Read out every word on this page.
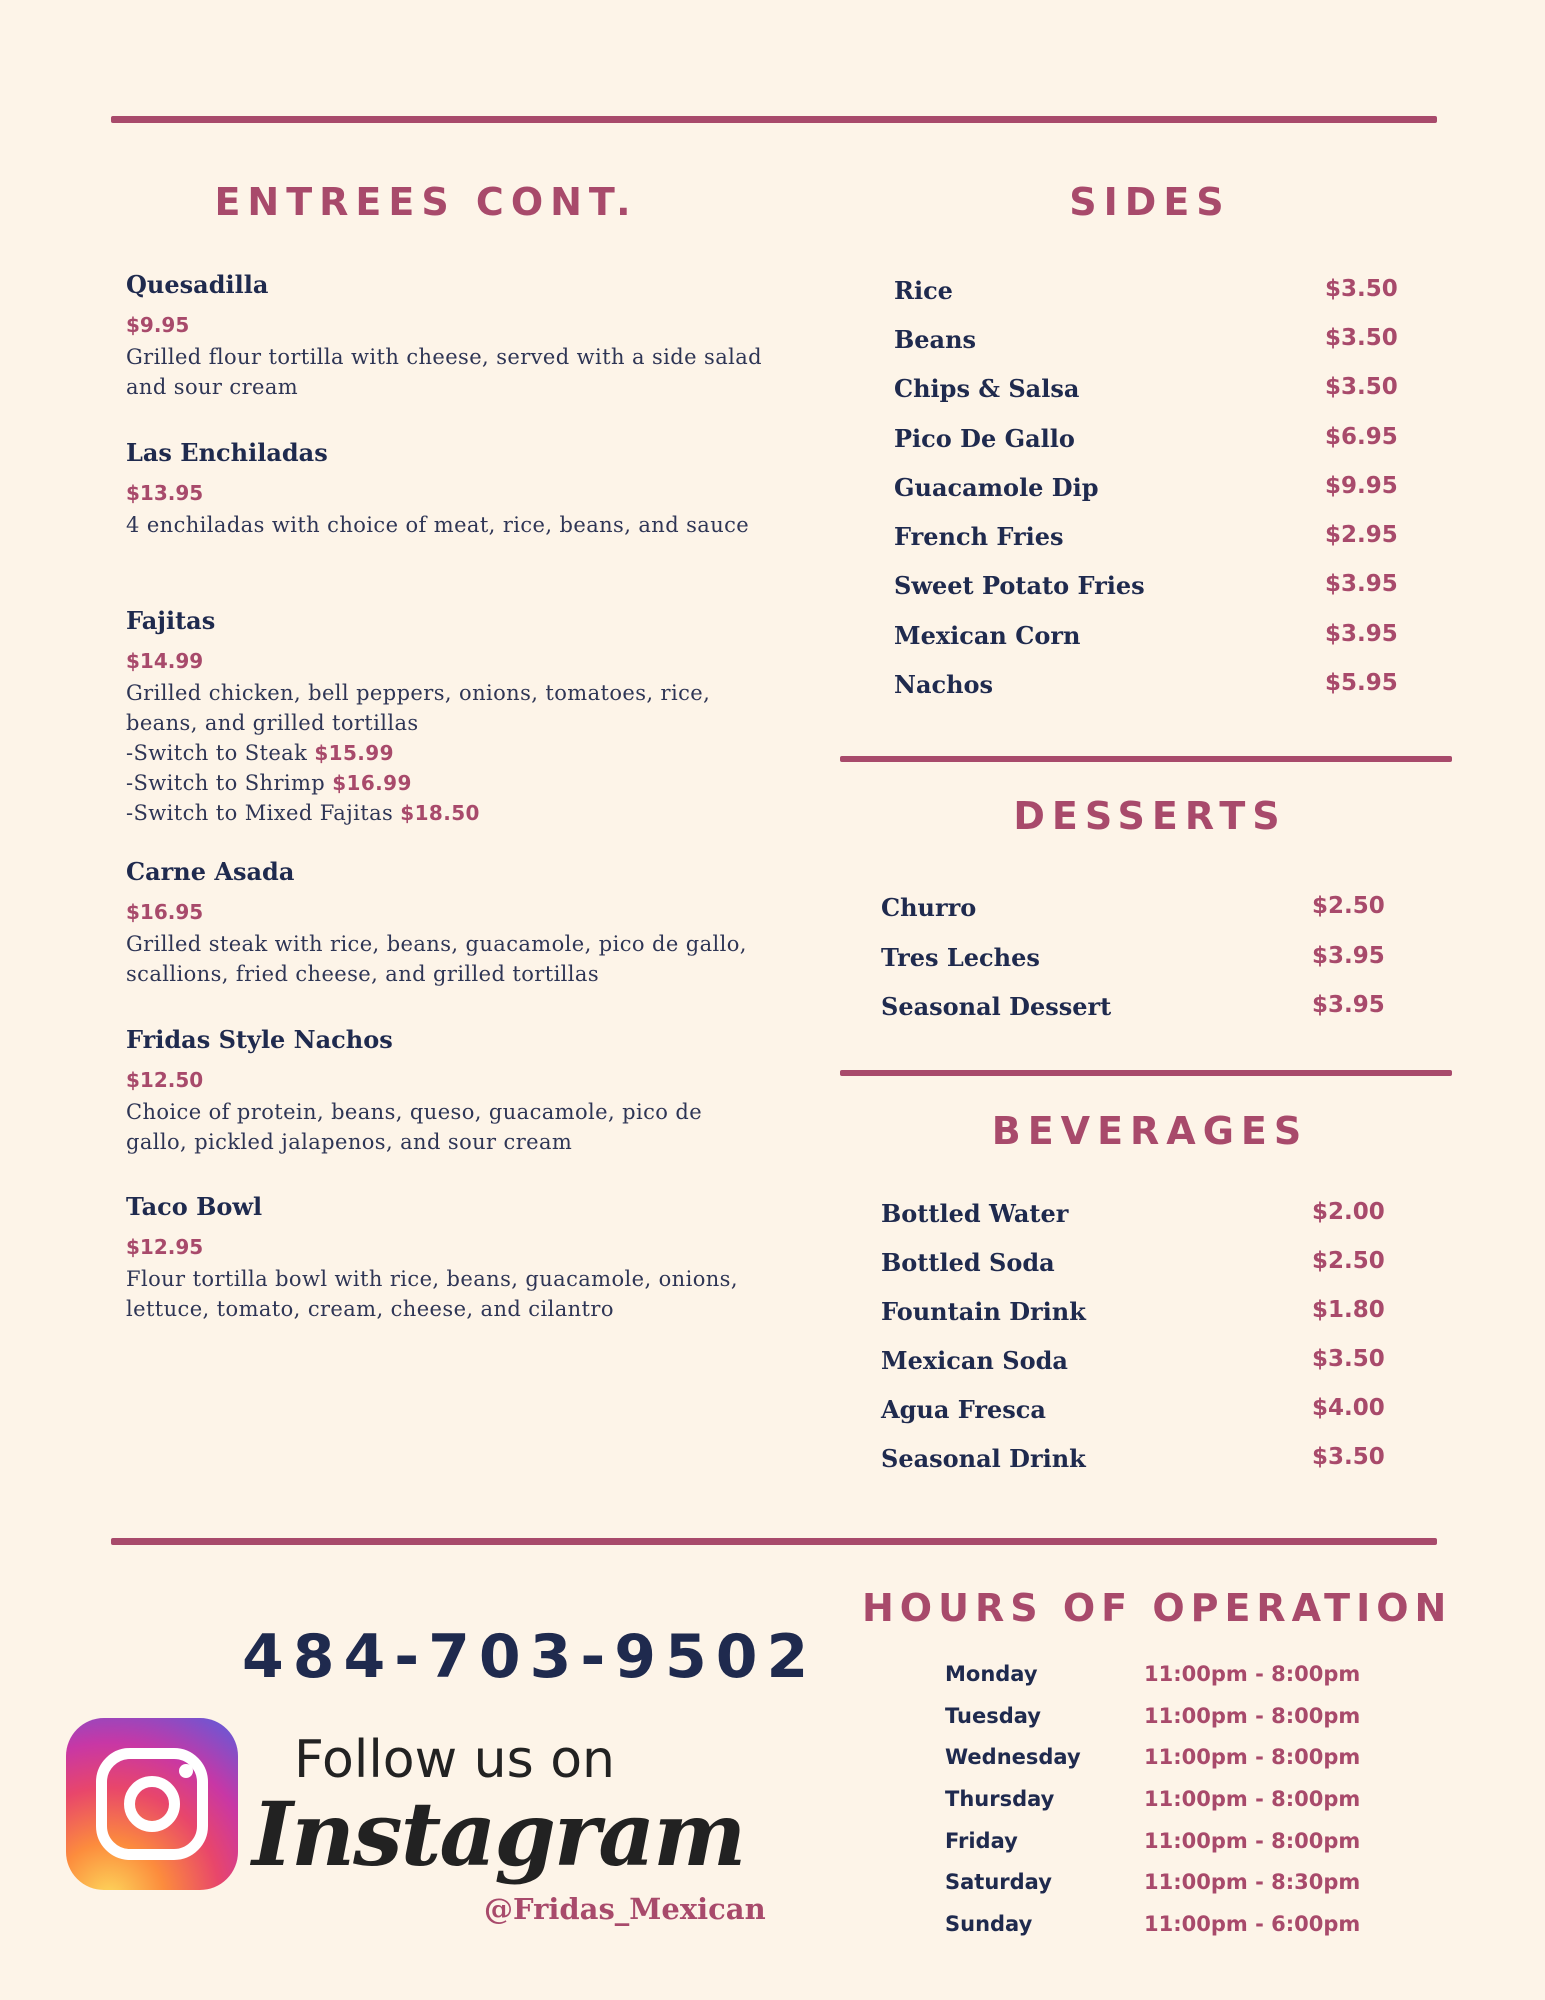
ENTREES CONT.
Quesadilla
$9.95
Grilled flour tortilla with cheese, served with a side salad and sour cream
Las Enchiladas
$13.95
4 enchiladas with choice of meat, rice, beans, and sauce
Fajitas
$14.99
Grilled chicken, bell peppers, onions, tomatoes, rice, beans, and grilled tortillas
-Switch to Steak $15.99
-Switch to Shrimp $16.99
-Switch to Mixed Fajitas $18.50
Carne Asada
$16.95
Grilled steak with rice, beans, guacamole, pico de gallo, scallions, fried cheese, and grilled tortillas
Fridas Style Nachos
$12.50
Choice of protein, beans, queso, guacamole, pico de gallo, pickled jalapenos, and sour cream
Taco Bowl
$12.95
Flour tortilla bowl with rice, beans, guacamole, onions, lettuce, tomato, cream, cheese, and cilantro
SIDES
Rice	$3.50
Beans	$3.50
Chips & Salsa	$3.50
Pico De Gallo	$6.95
Guacamole Dip	$9.95
French Fries	$2.95
Sweet Potato Fries	$3.95
Mexican Corn	$3.95
Nachos	$5.95
DESSERTS
Churro	$2.50
Tres Leches	$3.95
Seasonal Dessert	$3.95
BEVERAGES
Bottled Water	$2.00
Bottled Soda	$2.50
Fountain Drink	$1.80
Mexican Soda	$3.50
Agua Fresca	$4.00
Seasonal Drink	$3.50
484-703-9502
Follow us on
Instagram
@Fridas_Mexican
HOURS OF OPERATION
Monday	11:00pm - 8:00pm
Tuesday	11:00pm - 8:00pm
Wednesday	11:00pm - 8:00pm
Thursday	11:00pm - 8:00pm
Friday	11:00pm - 8:00pm
Saturday	11:00pm - 8:30pm
Sunday	11:00pm - 6:00pm
